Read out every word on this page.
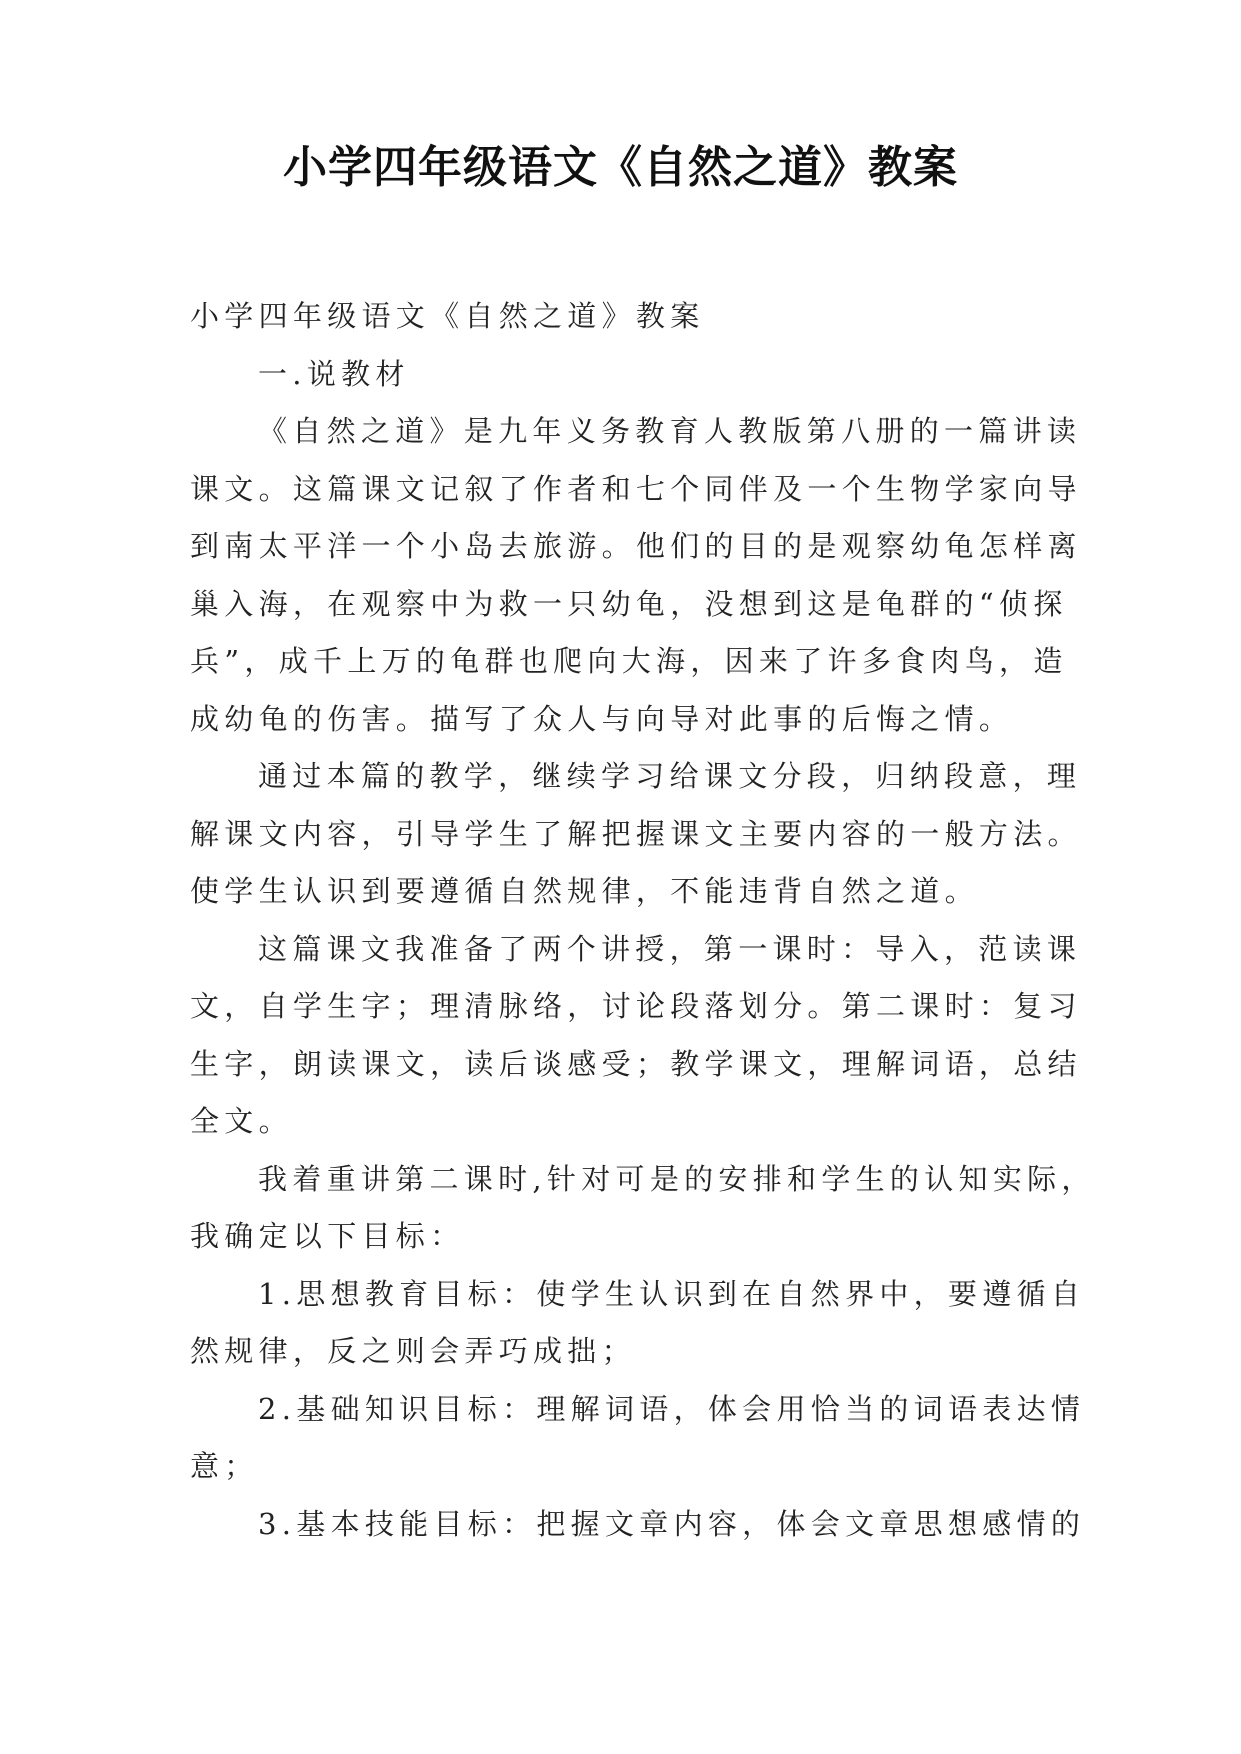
小学四年级语文《自然之道》教案

小学四年级语文《自然之道》教案

一.说教材

《自然之道》是九年义务教育人教版第八册的一篇讲读

课文。这篇课文记叙了作者和七个同伴及一个生物学家向导

到南太平洋一个小岛去旅游。他们的目的是观察幼龟怎样离

巢入海，在观察中为救一只幼龟，没想到这是龟群的“侦探

兵”，成千上万的龟群也爬向大海，因来了许多食肉鸟，造

成幼龟的伤害。描写了众人与向导对此事的后悔之情。

通过本篇的教学，继续学习给课文分段，归纳段意，理

解课文内容，引导学生了解把握课文主要内容的一般方法。

使学生认识到要遵循自然规律，不能违背自然之道。

这篇课文我准备了两个讲授，第一课时：导入，范读课

文，自学生字；理清脉络，讨论段落划分。第二课时：复习

生字，朗读课文，读后谈感受；教学课文，理解词语，总结

全文。

我着重讲第二课时,针对可是的安排和学生的认知实际，

我确定以下目标：

1.思想教育目标：使学生认识到在自然界中，要遵循自

然规律，反之则会弄巧成拙；

2.基础知识目标：理解词语，体会用恰当的词语表达情

意；

3.基本技能目标：把握文章内容，体会文章思想感情的
